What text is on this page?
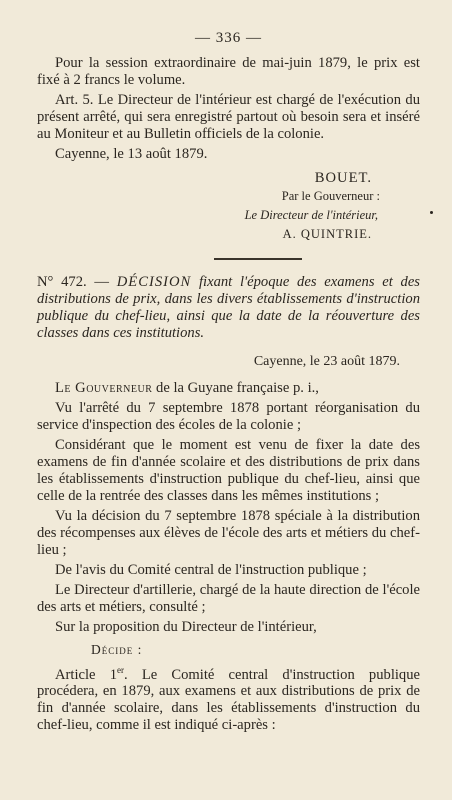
— 336 —

Pour la session extraordinaire de mai-juin 1879, le prix est fixé à 2 francs le volume.

Art. 5. Le Directeur de l'intérieur est chargé de l'exécution du présent arrêté, qui sera enregistré partout où besoin sera et inséré au Moniteur et au Bulletin officiels de la colonie.

Cayenne, le 13 août 1879.

BOUET.
Par le Gouverneur :
Le Directeur de l'intérieur,
A. QUINTRIE.

N° 472. — DÉCISION fixant l'époque des examens et des distributions de prix, dans les divers établissements d'instruction publique du chef-lieu, ainsi que la date de la réouverture des classes dans ces institutions.

Cayenne, le 23 août 1879.

Le Gouverneur de la Guyane française p. i.,

Vu l'arrêté du 7 septembre 1878 portant réorganisation du service d'inspection des écoles de la colonie ;

Considérant que le moment est venu de fixer la date des examens de fin d'année scolaire et des distributions de prix dans les établissements d'instruction publique du chef-lieu, ainsi que celle de la rentrée des classes dans les mêmes institutions ;

Vu la décision du 7 septembre 1878 spéciale à la distribution des récompenses aux élèves de l'école des arts et métiers du chef-lieu ;

De l'avis du Comité central de l'instruction publique ;

Le Directeur d'artillerie, chargé de la haute direction de l'école des arts et métiers, consulté ;

Sur la proposition du Directeur de l'intérieur,

Décide :

Article 1er. Le Comité central d'instruction publique procédera, en 1879, aux examens et aux distributions de prix de fin d'année scolaire, dans les établissements d'instruction du chef-lieu, comme il est indiqué ci-après :
